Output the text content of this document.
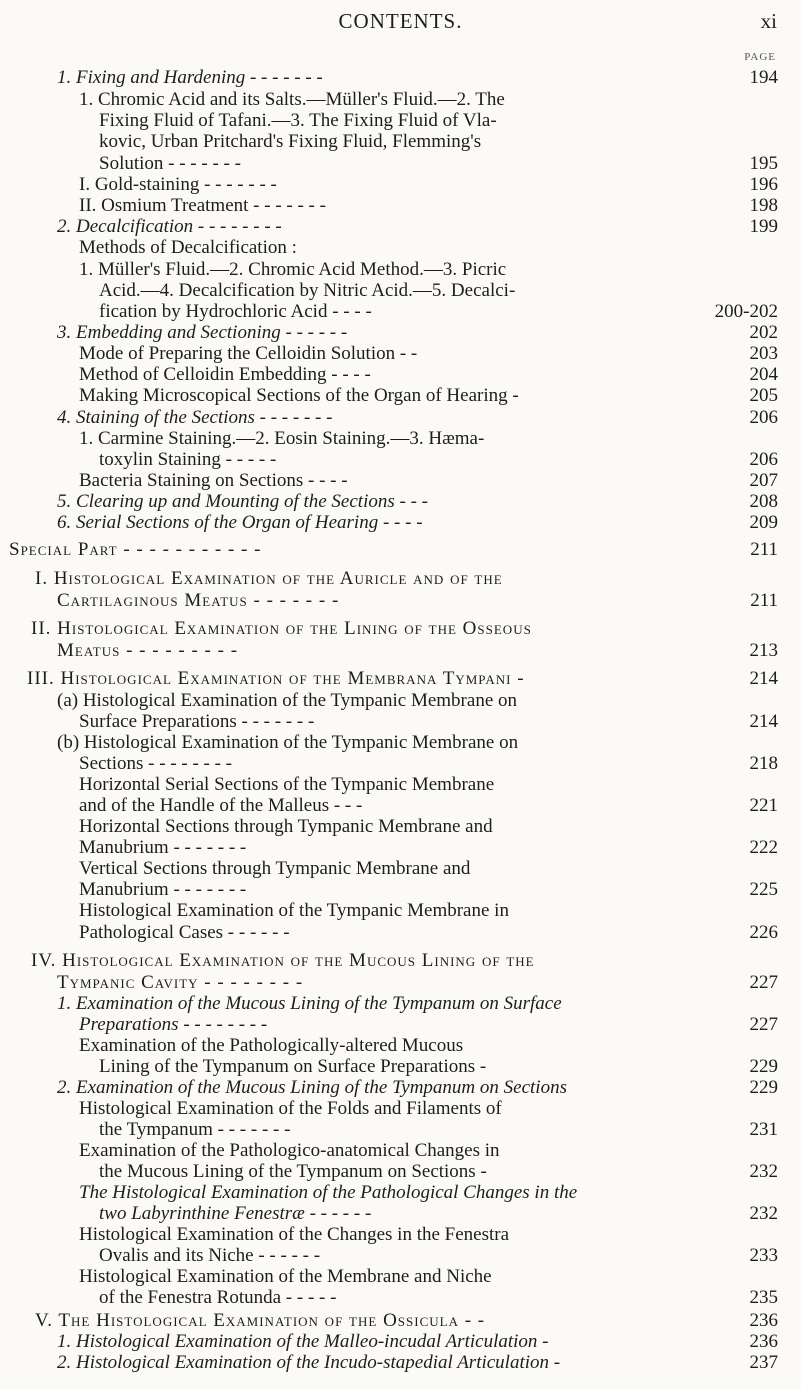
CONTENTS.	xi
PAGE
1. Fixing and Hardening - - - - - - -	194
1. Chromic Acid and its Salts.—Müller's Fluid.—2. The
Fixing Fluid of Tafani.—3. The Fixing Fluid of Vla-
kovic, Urban Pritchard's Fixing Fluid, Flemming's
Solution - - - - - - -	195
I. Gold-staining - - - - - - -	196
II. Osmium Treatment - - - - - - -	198
2. Decalcification - - - - - - - -	199
Methods of Decalcification :
1. Müller's Fluid.—2. Chromic Acid Method.—3. Picric
Acid.—4. Decalcification by Nitric Acid.—5. Decalci-
fication by Hydrochloric Acid - - - -	200-202
3. Embedding and Sectioning - - - - - -	202
Mode of Preparing the Celloidin Solution - -	203
Method of Celloidin Embedding - - - -	204
Making Microscopical Sections of the Organ of Hearing -	205
4. Staining of the Sections - - - - - - -	206
1. Carmine Staining.—2. Eosin Staining.—3. Hæma-
toxylin Staining - - - - -	206
Bacteria Staining on Sections - - - -	207
5. Clearing up and Mounting of the Sections - - -	208
6. Serial Sections of the Organ of Hearing - - - -	209
Special Part - - - - - - - - - - -	211
I. Histological Examination of the Auricle and of the
Cartilaginous Meatus - - - - - - -	211
II. Histological Examination of the Lining of the Osseous
Meatus - - - - - - - - -	213
III. Histological Examination of the Membrana Tympani -	214
(a) Histological Examination of the Tympanic Membrane on
Surface Preparations - - - - - - -	214
(b) Histological Examination of the Tympanic Membrane on
Sections - - - - - - - -	218
Horizontal Serial Sections of the Tympanic Membrane
and of the Handle of the Malleus - - -	221
Horizontal Sections through Tympanic Membrane and
Manubrium - - - - - - -	222
Vertical Sections through Tympanic Membrane and
Manubrium - - - - - - -	225
Histological Examination of the Tympanic Membrane in
Pathological Cases - - - - - -	226
IV. Histological Examination of the Mucous Lining of the
Tympanic Cavity - - - - - - - -	227
1. Examination of the Mucous Lining of the Tympanum on Surface
Preparations - - - - - - - -	227
Examination of the Pathologically-altered Mucous
Lining of the Tympanum on Surface Preparations -	229
2. Examination of the Mucous Lining of the Tympanum on Sections	229
Histological Examination of the Folds and Filaments of
the Tympanum - - - - - - -	231
Examination of the Pathologico-anatomical Changes in
the Mucous Lining of the Tympanum on Sections -	232
The Histological Examination of the Pathological Changes in the
two Labyrinthine Fenestræ - - - - - -	232
Histological Examination of the Changes in the Fenestra
Ovalis and its Niche - - - - - -	233
Histological Examination of the Membrane and Niche
of the Fenestra Rotunda - - - - -	235
V. The Histological Examination of the Ossicula - -	236
1. Histological Examination of the Malleo-incudal Articulation -	236
2. Histological Examination of the Incudo-stapedial Articulation -	237
